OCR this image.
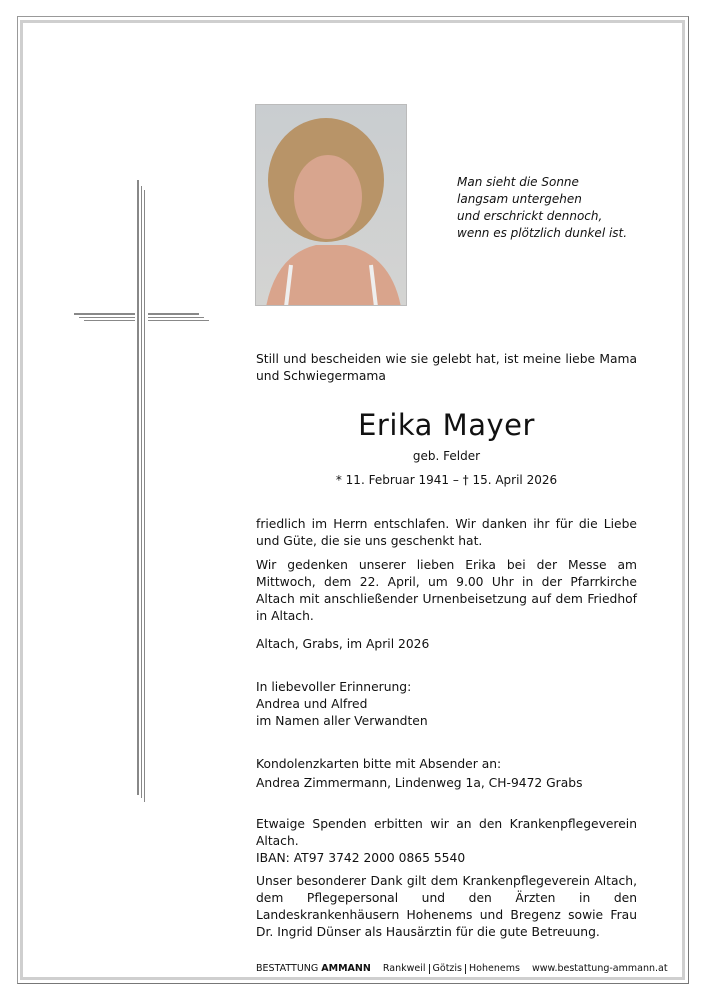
Man sieht die Sonne
langsam untergehen
und erschrickt dennoch,
wenn es plötzlich dunkel ist.
Still und bescheiden wie sie gelebt hat, ist meine liebe Mama und Schwiegermama
Erika Mayer
geb. Felder
* 11. Februar 1941 – † 15. April 2026
friedlich im Herrn entschlafen. Wir danken ihr für die Liebe und Güte, die sie uns geschenkt hat.
Wir gedenken unserer lieben Erika bei der Messe am Mittwoch, dem 22. April, um 9.00 Uhr in der Pfarrkirche Altach mit anschließender Urnenbeisetzung auf dem Friedhof in Altach.
Altach, Grabs, im April 2026
In liebevoller Erinnerung:
Andrea und Alfred
im Namen aller Verwandten
Kondolenzkarten bitte mit Absender an:
Andrea Zimmermann, Lindenweg 1a, CH-9472 Grabs
Etwaige Spenden erbitten wir an den Krankenpflegeverein Altach.
IBAN: AT97 3742 2000 0865 5540
Unser besonderer Dank gilt dem Krankenpflegeverein Altach, dem Pflegepersonal und den Ärzten in den Landeskrankenhäusern Hohenems und Bregenz sowie Frau Dr. Ingrid Dünser als Hausärztin für die gute Betreuung.
BESTATTUNG AMMANN Rankweil Götzis Hohenems www.bestattung-ammann.at
